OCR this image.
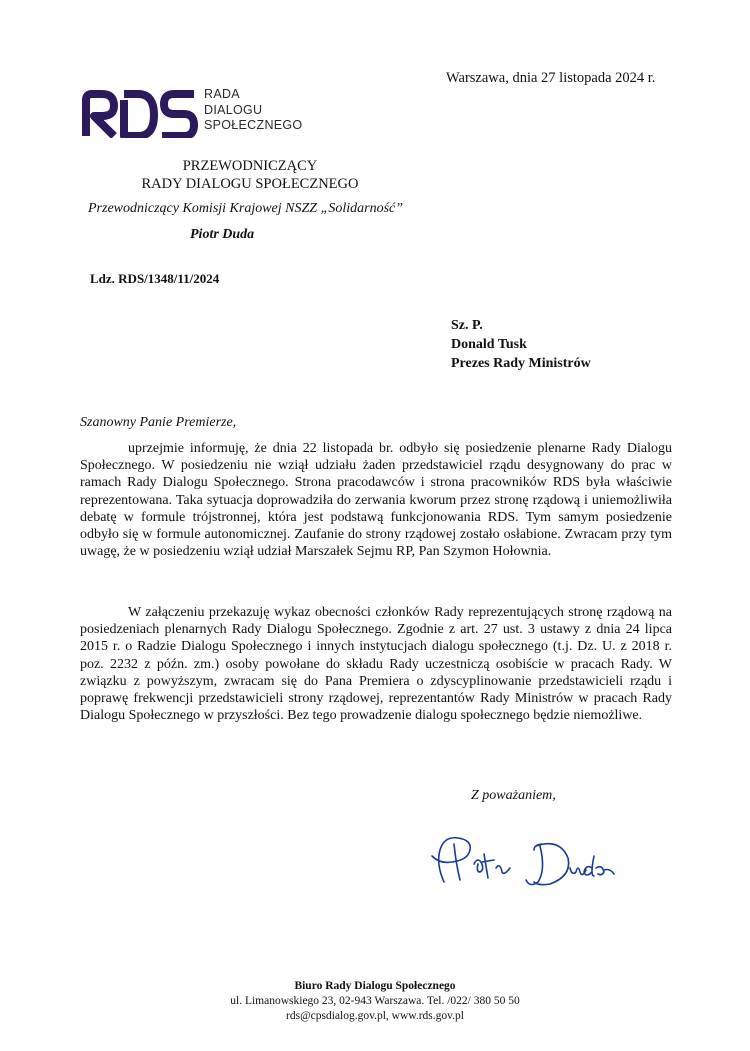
Warszawa, dnia 27 listopada 2024 r.
RADA
DIALOGU
SPOŁECZNEGO
PRZEWODNICZĄCY
RADY DIALOGU SPOŁECZNEGO
Przewodniczący Komisji Krajowej NSZZ „Solidarność”
Piotr Duda
Ldz. RDS/1348/11/2024
Sz. P.
Donald Tusk
Prezes Rady Ministrów
Szanowny Panie Premierze,
uprzejmie informuję, że dnia 22 listopada br. odbyło się posiedzenie plenarne Rady Dialogu Społecznego. W posiedzeniu nie wziął udziału żaden przedstawiciel rządu desygnowany do prac w ramach Rady Dialogu Społecznego. Strona pracodawców i strona pracowników RDS była właściwie reprezentowana. Taka sytuacja doprowadziła do zerwania kworum przez stronę rządową i uniemożliwiła debatę w formule trójstronnej, która jest podstawą funkcjonowania RDS. Tym samym posiedzenie odbyło się w formule autonomicznej. Zaufanie do strony rządowej zostało osłabione. Zwracam przy tym uwagę, że w posiedzeniu wziął udział Marszałek Sejmu RP, Pan Szymon Hołownia.
W załączeniu przekazuję wykaz obecności członków Rady reprezentujących stronę rządową na posiedzeniach plenarnych Rady Dialogu Społecznego. Zgodnie z art. 27 ust. 3 ustawy z dnia 24 lipca 2015 r. o Radzie Dialogu Społecznego i innych instytucjach dialogu społecznego (t.j. Dz. U. z 2018 r. poz. 2232 z późn. zm.) osoby powołane do składu Rady uczestniczą osobiście w pracach Rady. W związku z powyższym, zwracam się do Pana Premiera o zdyscyplinowanie przedstawicieli rządu i poprawę frekwencji przedstawicieli strony rządowej, reprezentantów Rady Ministrów w pracach Rady Dialogu Społecznego w przyszłości. Bez tego prowadzenie dialogu społecznego będzie niemożliwe.
Z poważaniem,
Biuro Rady Dialogu Społecznego
ul. Limanowskiego 23, 02-943 Warszawa. Tel. /022/ 380 50 50
rds@cpsdialog.gov.pl, www.rds.gov.pl
